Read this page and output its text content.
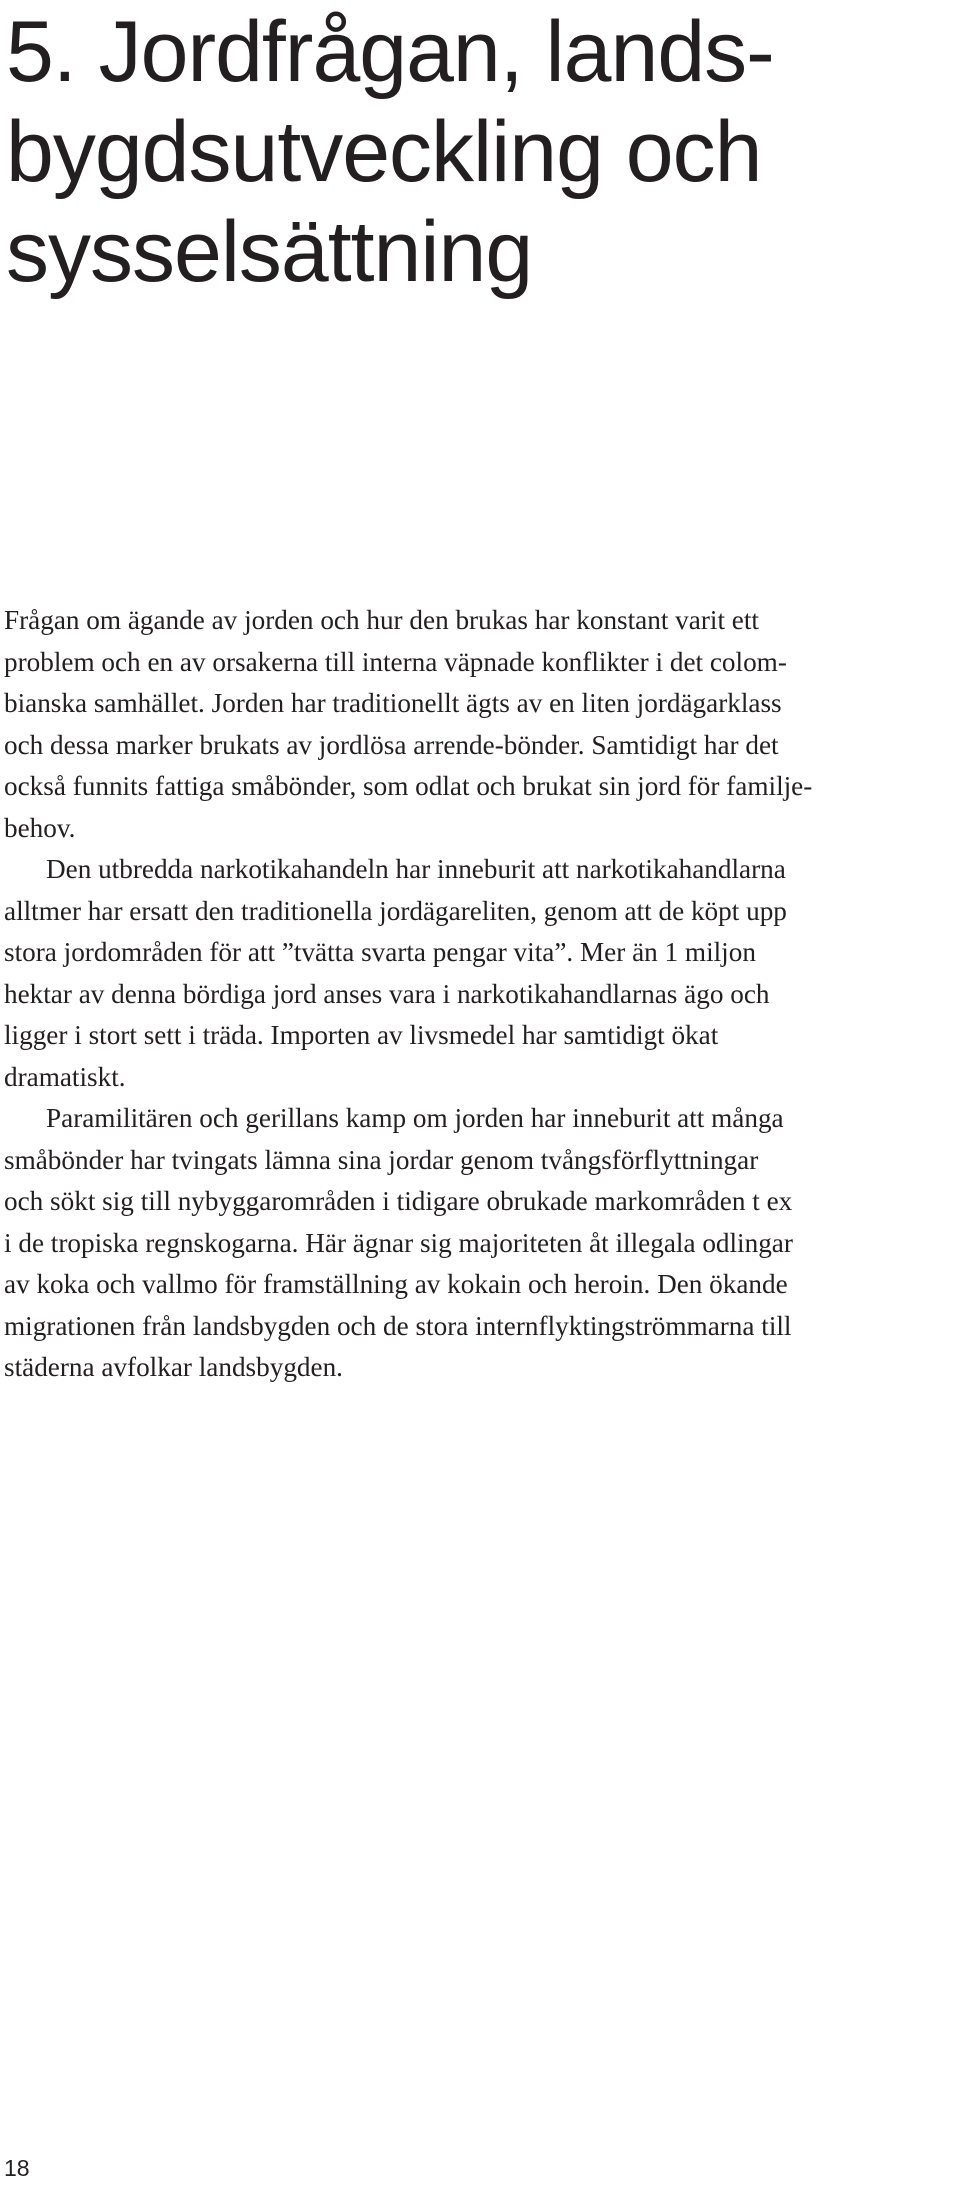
5. Jordfrågan, lands-
bygdsutveckling och
sysselsättning

Frågan om ägande av jorden och hur den brukas har konstant varit ett
problem och en av orsakerna till interna väpnade konflikter i det colom-
bianska samhället. Jorden har traditionellt ägts av en liten jordägarklass
och dessa marker brukats av jordlösa arrende-bönder. Samtidigt har det
också funnits fattiga småbönder, som odlat och brukat sin jord för familje-
behov.

Den utbredda narkotikahandeln har inneburit att narkotikahandlarna
alltmer har ersatt den traditionella jordägareliten, genom att de köpt upp
stora jordområden för att ”tvätta svarta pengar vita”. Mer än 1 miljon
hektar av denna bördiga jord anses vara i narkotikahandlarnas ägo och
ligger i stort sett i träda. Importen av livsmedel har samtidigt ökat
dramatiskt.

Paramilitären och gerillans kamp om jorden har inneburit att många
småbönder har tvingats lämna sina jordar genom tvångsförflyttningar
och sökt sig till nybyggarområden i tidigare obrukade markområden t ex
i de tropiska regnskogarna. Här ägnar sig majoriteten åt illegala odlingar
av koka och vallmo för framställning av kokain och heroin. Den ökande
migrationen från landsbygden och de stora internflyktingströmmarna till
städerna avfolkar landsbygden.

18
